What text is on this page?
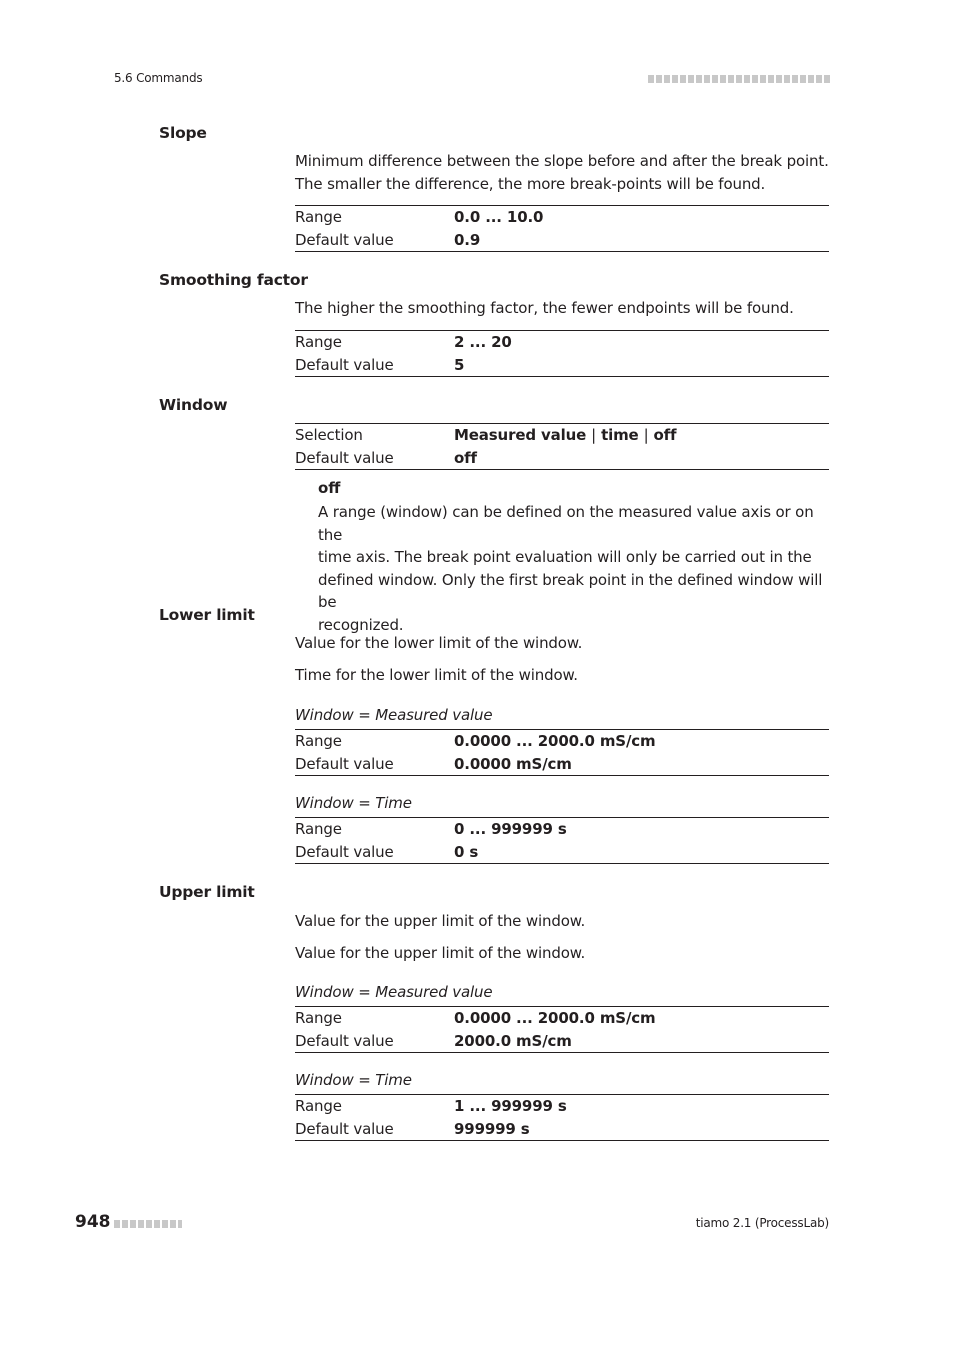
5.6 Commands
Slope
Minimum difference between the slope before and after the break point.
The smaller the difference, the more break-points will be found.
Range	0.0 ... 10.0
Default value	0.9
Smoothing factor
The higher the smoothing factor, the fewer endpoints will be found.
Range	2 ... 20
Default value	5
Window
Selection	Measured value | time | off
Default value	off
off
A range (window) can be defined on the measured value axis or on the
time axis. The break point evaluation will only be carried out in the
defined window. Only the first break point in the defined window will be
recognized.
Lower limit
Value for the lower limit of the window.
Time for the lower limit of the window.
Window = Measured value
Range	0.0000 ... 2000.0 mS/cm
Default value	0.0000 mS/cm
Window = Time
Range	0 ... 999999 s
Default value	0 s
Upper limit
Value for the upper limit of the window.
Value for the upper limit of the window.
Window = Measured value
Range	0.0000 ... 2000.0 mS/cm
Default value	2000.0 mS/cm
Window = Time
Range	1 ... 999999 s
Default value	999999 s
948	tiamo 2.1 (ProcessLab)
